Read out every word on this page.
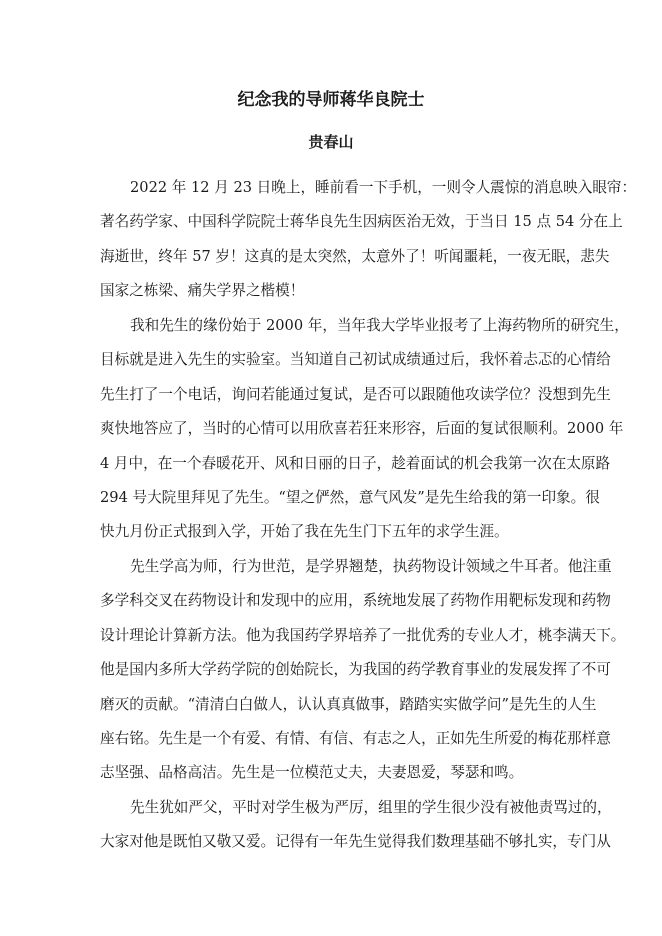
纪念我的导师蒋华良院士
贵春山
2022 年 12 月 23 日晚上，睡前看一下手机，一则令人震惊的消息映入眼帘：
著名药学家、中国科学院院士蒋华良先生因病医治无效，于当日 15 点 54 分在上
海逝世，终年 57 岁！这真的是太突然，太意外了！听闻噩耗，一夜无眠，悲失
国家之栋梁、痛失学界之楷模！
我和先生的缘份始于 2000 年，当年我大学毕业报考了上海药物所的研究生，
目标就是进入先生的实验室。当知道自己初试成绩通过后，我怀着忐忑的心情给
先生打了一个电话，询问若能通过复试，是否可以跟随他攻读学位？没想到先生
爽快地答应了，当时的心情可以用欣喜若狂来形容，后面的复试很顺利。2000 年
4 月中，在一个春暖花开、风和日丽的日子，趁着面试的机会我第一次在太原路
294 号大院里拜见了先生。“望之俨然，意气风发”是先生给我的第一印象。很
快九月份正式报到入学，开始了我在先生门下五年的求学生涯。
先生学高为师，行为世范，是学界翘楚，执药物设计领域之牛耳者。他注重
多学科交叉在药物设计和发现中的应用，系统地发展了药物作用靶标发现和药物
设计理论计算新方法。他为我国药学界培养了一批优秀的专业人才，桃李满天下。
他是国内多所大学药学院的创始院长，为我国的药学教育事业的发展发挥了不可
磨灭的贡献。“清清白白做人，认认真真做事，踏踏实实做学问”是先生的人生
座右铭。先生是一个有爱、有情、有信、有志之人，正如先生所爱的梅花那样意
志坚强、品格高洁。先生是一位模范丈夫，夫妻恩爱，琴瑟和鸣。
先生犹如严父，平时对学生极为严厉，组里的学生很少没有被他责骂过的，
大家对他是既怕又敬又爱。记得有一年先生觉得我们数理基础不够扎实，专门从
